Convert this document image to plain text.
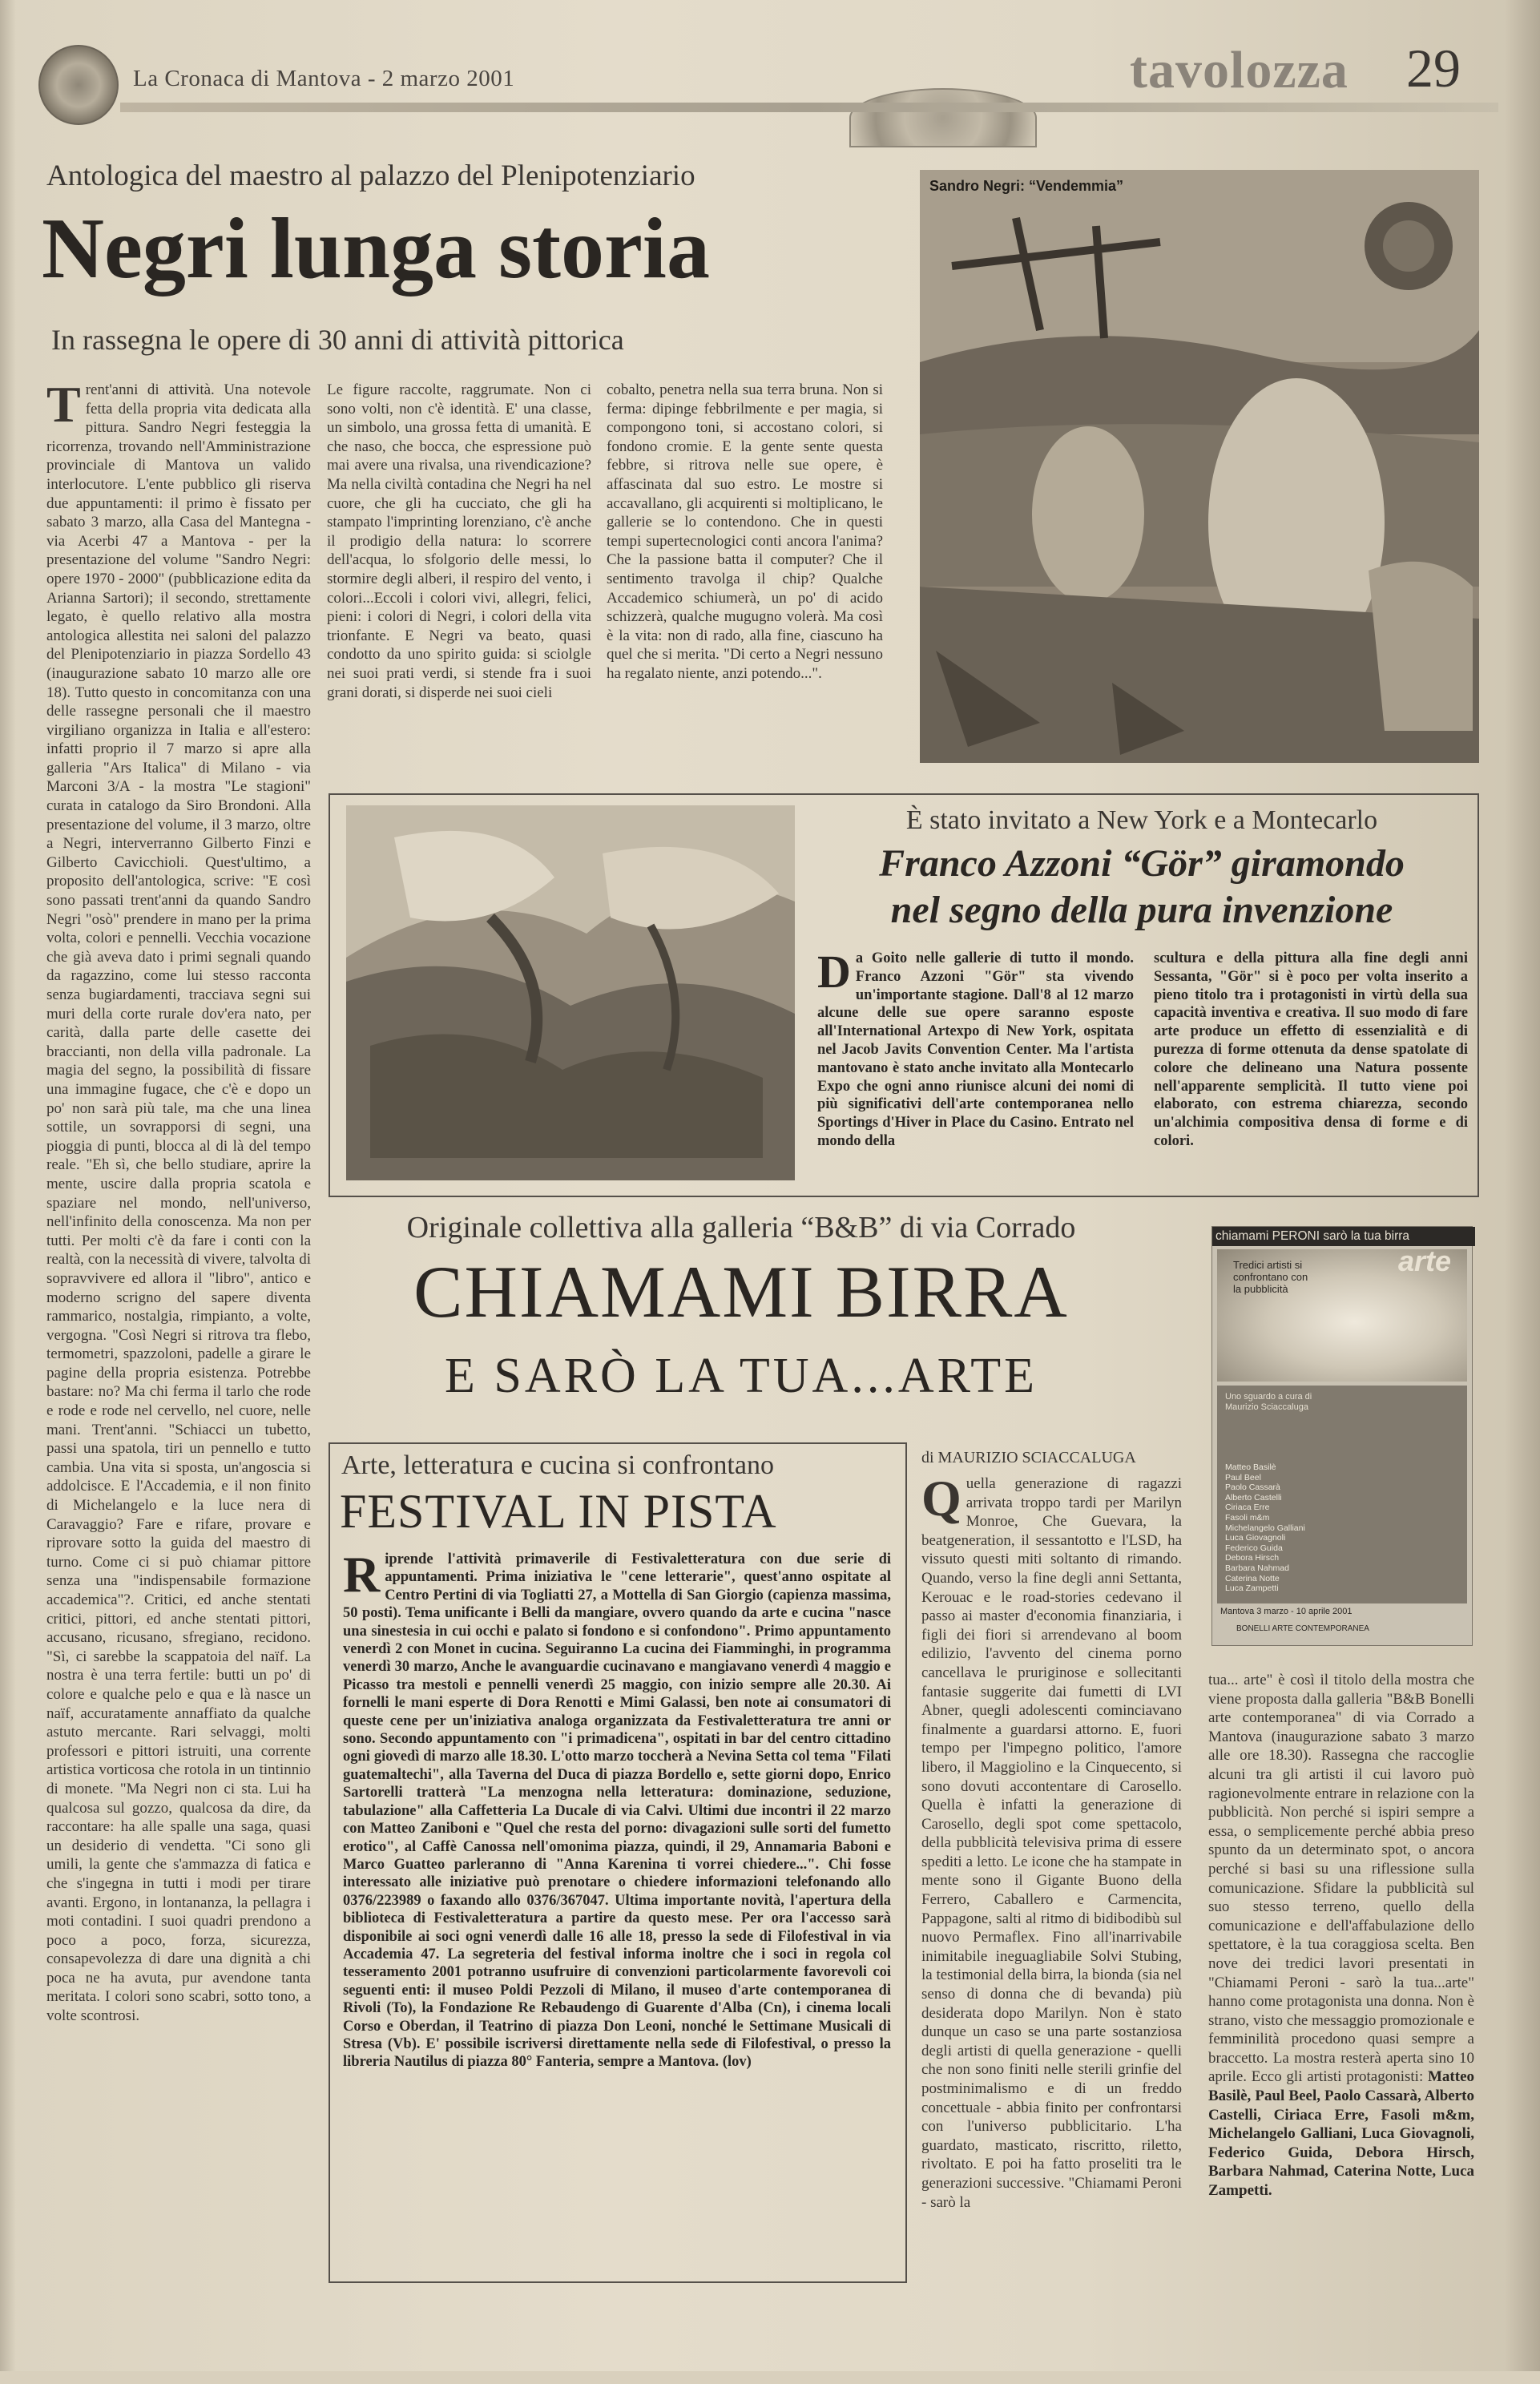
La Cronaca di Mantova - 2 marzo 2001	tavolozza 29
Antologica del maestro al palazzo del Plenipotenziario
Negri lunga storia
In rassegna le opere di 30 anni di attività pittorica
T rent'anni di attività. Una notevole fetta della propria vita dedicata alla pittura. Sandro Negri festeggia la ricorrenza, trovando nell'Amministrazione provinciale di Mantova un valido interlocutore. L'ente pubblico gli riserva due appuntamenti: il primo è fissato per sabato 3 marzo, alla Casa del Mantegna - via Acerbi 47 a Mantova - per la presentazione del volume "Sandro Negri: opere 1970 - 2000" (pubblicazione edita da Arianna Sartori); il secondo, strettamente legato, è quello relativo alla mostra antologica allestita nei saloni del palazzo del Plenipotenziario in piazza Sordello 43 (inaugurazione sabato 10 marzo alle ore 18). Tutto questo in concomitanza con una delle rassegne personali che il maestro virgiliano organizza in Italia e all'estero: infatti proprio il 7 marzo si apre alla galleria "Ars Italica" di Milano - via Marconi 3/A - la mostra "Le stagioni" curata in catalogo da Siro Brondoni. Alla presentazione del volume, il 3 marzo, oltre a Negri, interverranno Gilberto Finzi e Gilberto Cavicchioli. Quest'ultimo, a proposito dell'antologica, scrive: "E così sono passati trent'anni da quando Sandro Negri "osò" prendere in mano per la prima volta, colori e pennelli. Vecchia vocazione che già aveva dato i primi segnali quando da ragazzino, come lui stesso racconta senza bugiardamenti, tracciava segni sui muri della corte rurale dov'era nato, per carità, dalla parte delle casette dei braccianti, non della villa padronale. La magia del segno, la possibilità di fissare una immagine fugace, che c'è e dopo un po' non sarà più tale, ma che una linea sottile, un sovrapporsi di segni, una pioggia di punti, blocca al di là del tempo reale. "Eh sì, che bello studiare, aprire la mente, uscire dalla propria scatola e spaziare nel mondo, nell'universo, nell'infinito della conoscenza. Ma non per tutti. Per molti c'è da fare i conti con la realtà, con la necessità di vivere, talvolta di sopravvivere ed allora il "libro", antico e moderno scrigno del sapere diventa rammarico, nostalgia, rimpianto, a volte, vergogna. "Così Negri si ritrova tra flebo, termometri, spazzoloni, padelle a girare le pagine della propria esistenza. Potrebbe bastare: no? Ma chi ferma il tarlo che rode e rode e rode nel cervello, nel cuore, nelle mani. Trent'anni. "Schiacci un tubetto, passi una spatola, tiri un pennello e tutto cambia. Una vita si sposta, un'angoscia si addolcisce. E l'Accademia, e il non finito di Michelangelo e la luce nera di Caravaggio? Fare e rifare, provare e riprovare sotto la guida del maestro di turno. Come ci si può chiamar pittore senza una "indispensabile formazione accademica"?. Critici, ed anche stentati critici, pittori, ed anche stentati pittori, accusano, ricusano, sfregiano, recidono. "Sì, ci sarebbe la scappatoia del naïf. La nostra è una terra fertile: butti un po' di colore e qualche pelo e qua e là nasce un naïf, accuratamente annaffiato da qualche astuto mercante. Rari selvaggi, molti professori e pittori istruiti, una corrente artistica vorticosa che rotola in un tintinnio di monete. "Ma Negri non ci sta. Lui ha qualcosa sul gozzo, qualcosa da dire, da raccontare: ha alle spalle una saga, quasi un desiderio di vendetta. "Ci sono gli umili, la gente che s'ammazza di fatica e che s'ingegna in tutti i modi per tirare avanti. Ergono, in lontananza, la pellagra i moti contadini. I suoi quadri prendono a poco a poco, forza, sicurezza, consapevolezza di dare una dignità a chi poca ne ha avuta, pur avendone tanta meritata. I colori sono scabri, sotto tono, a volte scontrosi.
Le figure raccolte, raggrumate. Non ci sono volti, non c'è identità. E' una classe, un simbolo, una grossa fetta di umanità. E che naso, che bocca, che espressione può mai avere una rivalsa, una rivendicazione? Ma nella civiltà contadina che Negri ha nel cuore, che gli ha cucciato, che gli ha stampato l'imprinting lorenziano, c'è anche il prodigio della natura: lo scorrere dell'acqua, lo sfolgorio delle messi, lo stormire degli alberi, il respiro del vento, i colori...Eccoli i colori vivi, allegri, felici, pieni: i colori di Negri, i colori della vita trionfante. E Negri va beato, quasi condotto da uno spirito guida: si sciolgle nei suoi prati verdi, si stende fra i suoi grani dorati, si disperde nei suoi cieli
cobalto, penetra nella sua terra bruna. Non si ferma: dipinge febbrilmente e per magia, si compongono toni, si accostano colori, si fondono cromie. E la gente sente questa febbre, si ritrova nelle sue opere, è affascinata dal suo estro. Le mostre si accavallano, gli acquirenti si moltiplicano, le gallerie se lo contendono. Che in questi tempi supertecnologici conti ancora l'anima? Che la passione batta il computer? Che il sentimento travolga il chip? Qualche Accademico schiumerà, un po' di acido schizzerà, qualche mugugno volerà. Ma così è la vita: non di rado, alla fine, ciascuno ha quel che si merita. "Di certo a Negri nessuno ha regalato niente, anzi potendo...".
Sandro Negri: “Vendemmia”
È stato invitato a New York e a Montecarlo
Franco Azzoni “Gör” giramondo
nel segno della pura invenzione
D a Goito nelle gallerie di tutto il mondo. Franco Azzoni "Gör" sta vivendo un'importante stagione. Dall'8 al 12 marzo alcune delle sue opere saranno esposte all'International Artexpo di New York, ospitata nel Jacob Javits Convention Center. Ma l'artista mantovano è stato anche invitato alla Montecarlo Expo che ogni anno riunisce alcuni dei nomi di più significativi dell'arte contemporanea nello Sportings d'Hiver in Place du Casino. Entrato nel mondo della
scultura e della pittura alla fine degli anni Sessanta, "Gör" si è poco per volta inserito a pieno titolo tra i protagonisti in virtù della sua capacità inventiva e creativa. Il suo modo di fare arte produce un effetto di essenzialità e di purezza di forme ottenuta da dense spatolate di colore che delineano una Natura possente nell'apparente semplicità. Il tutto viene poi elaborato, con estrema chiarezza, secondo un'alchimia compositiva densa di forme e di colori.
Originale collettiva alla galleria “B&B” di via Corrado
CHIAMAMI BIRRA
E SARÒ LA TUA...ARTE
di MAURIZIO SCIACCALUGA
chiamami PERONI sarò la tua birra
arte
Tredici artisti si confrontano con la pubblicità
Uno sguardo a cura di Maurizio Sciaccaluga
Matteo Basilè
Paul Beel
Paolo Cassarà
Alberto Castelli
Ciriaca Erre
Fasoli m&m
Michelangelo Galliani
Luca Giovagnoli
Federico Guida
Debora Hirsch
Barbara Nahmad
Caterina Notte
Luca Zampetti
Mantova 3 marzo - 10 aprile 2001
BONELLI ARTE CONTEMPORANEA
Q uella generazione di ragazzi arrivata troppo tardi per Marilyn Monroe, Che Guevara, la beatgeneration, il sessantotto e l'LSD, ha vissuto questi miti soltanto di rimando. Quando, verso la fine degli anni Settanta, Kerouac e le road-stories cedevano il passo ai master d'economia finanziaria, i figli dei fiori si arrendevano al boom edilizio, l'avvento del cinema porno cancellava le pruriginose e sollecitanti fantasie suggerite dai fumetti di LVI Abner, quegli adolescenti cominciavano finalmente a guardarsi attorno. E, fuori tempo per l'impegno politico, l'amore libero, il Maggiolino e la Cinquecento, si sono dovuti accontentare di Carosello. Quella è infatti la generazione di Carosello, degli spot come spettacolo, della pubblicità televisiva prima di essere spediti a letto. Le icone che ha stampate in mente sono il Gigante Buono della Ferrero, Caballero e Carmencita, Pappagone, salti al ritmo di bidibodibù sul nuovo Permaflex. Fino all'inarrivabile inimitabile ineguagliabile Solvi Stubing, la testimonial della birra, la bionda (sia nel senso di donna che di bevanda) più desiderata dopo Marilyn. Non è stato dunque un caso se una parte sostanziosa degli artisti di quella generazione - quelli che non sono finiti nelle sterili grinfie del postminimalismo e di un freddo concettuale - abbia finito per confrontarsi con l'universo pubblicitario. L'ha guardato, masticato, riscritto, riletto, rivoltato. E poi ha fatto proseliti tra le generazioni successive. "Chiamami Peroni - sarò la
tua... arte" è così il titolo della mostra che viene proposta dalla galleria "B&B Bonelli arte contemporanea" di via Corrado a Mantova (inaugurazione sabato 3 marzo alle ore 18.30). Rassegna che raccoglie alcuni tra gli artisti il cui lavoro può ragionevolmente entrare in relazione con la pubblicità. Non perché si ispiri sempre a essa, o semplicemente perché abbia preso spunto da un determinato spot, o ancora perché si basi su una riflessione sulla comunicazione. Sfidare la pubblicità sul suo stesso terreno, quello della comunicazione e dell'affabulazione dello spettatore, è la tua coraggiosa scelta. Ben nove dei tredici lavori presentati in "Chiamami Peroni - sarò la tua...arte" hanno come protagonista una donna. Non è strano, visto che messaggio promozionale e femminilità procedono quasi sempre a braccetto. La mostra resterà aperta sino 10 aprile. Ecco gli artisti protagonisti: Matteo Basilè, Paul Beel, Paolo Cassarà, Alberto Castelli, Ciriaca Erre, Fasoli m&m, Michelangelo Galliani, Luca Giovagnoli, Federico Guida, Debora Hirsch, Barbara Nahmad, Caterina Notte, Luca Zampetti.
Arte, letteratura e cucina si confrontano
FESTIVAL IN PISTA
R iprende l'attività primaverile di Festivaletteratura con due serie di appuntamenti. Prima iniziativa le "cene letterarie", quest'anno ospitate al Centro Pertini di via Togliatti 27, a Mottella di San Giorgio (capienza massima, 50 posti). Tema unificante i Belli da mangiare, ovvero quando da arte e cucina "nasce una sinestesia in cui occhi e palato si fondono e si confondono". Primo appuntamento venerdì 2 con Monet in cucina. Seguiranno La cucina dei Fiamminghi, in programma venerdì 30 marzo, Anche le avanguardie cucinavano e mangiavano venerdì 4 maggio e Picasso tra mestoli e pennelli venerdì 25 maggio, con inizio sempre alle 20.30. Ai fornelli le mani esperte di Dora Renotti e Mimi Galassi, ben note ai consumatori di queste cene per un'iniziativa analoga organizzata da Festivaletteratura tre anni or sono. Secondo appuntamento con "i primadicena", ospitati in bar del centro cittadino ogni giovedì di marzo alle 18.30. L'otto marzo toccherà a Nevina Setta col tema "Filati guatemaltechi", alla Taverna del Duca di piazza Bordello e, sette giorni dopo, Enrico Sartorelli tratterà "La menzogna nella letteratura: dominazione, seduzione, tabulazione" alla Caffetteria La Ducale di via Calvi. Ultimi due incontri il 22 marzo con Matteo Zaniboni e "Quel che resta del porno: divagazioni sulle sorti del fumetto erotico", al Caffè Canossa nell'omonima piazza, quindi, il 29, Annamaria Baboni e Marco Guatteo parleranno di "Anna Karenina ti vorrei chiedere...". Chi fosse interessato alle iniziative può prenotare o chiedere informazioni telefonando allo 0376/223989 o faxando allo 0376/367047. Ultima importante novità, l'apertura della biblioteca di Festivaletteratura a partire da questo mese. Per ora l'accesso sarà disponibile ai soci ogni venerdì dalle 16 alle 18, presso la sede di Filofestival in via Accademia 47. La segreteria del festival informa inoltre che i soci in regola col tesseramento 2001 potranno usufruire di convenzioni particolarmente favorevoli coi seguenti enti: il museo Poldi Pezzoli di Milano, il museo d'arte contemporanea di Rivoli (To), la Fondazione Re Rebaudengo di Guarente d'Alba (Cn), i cinema locali Corso e Oberdan, il Teatrino di piazza Don Leoni, nonché le Settimane Musicali di Stresa (Vb). E' possibile iscriversi direttamente nella sede di Filofestival, o presso la libreria Nautilus di piazza 80° Fanteria, sempre a Mantova. (lov)
